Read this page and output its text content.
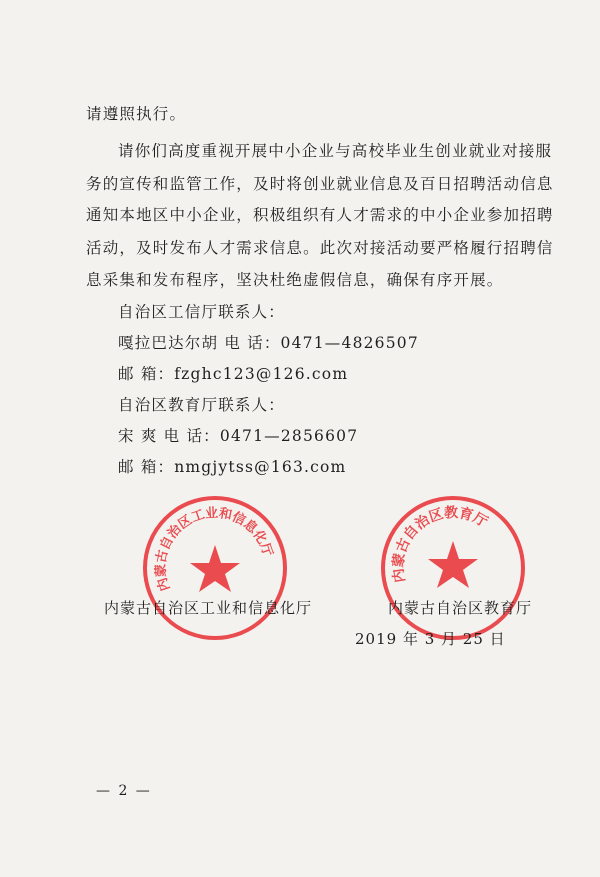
请遵照执行。
请你们高度重视开展中小企业与高校毕业生创业就业对接服
务的宣传和监管工作，及时将创业就业信息及百日招聘活动信息
通知本地区中小企业，积极组织有人才需求的中小企业参加招聘
活动，及时发布人才需求信息。此次对接活动要严格履行招聘信
息采集和发布程序，坚决杜绝虚假信息，确保有序开展。
自治区工信厅联系人：
嘎拉巴达尔胡 电 话：0471—4826507
邮 箱：fzghc123@126.com
自治区教育厅联系人：
宋 爽 电 话：0471—2856607
邮 箱：nmgjytss@163.com
内蒙古自治区工业和信息化厅
内蒙古自治区教育厅
内蒙古自治区工业和信息化厅	内蒙古自治区教育厅
2019 年 3 月 25 日
— 2 —
